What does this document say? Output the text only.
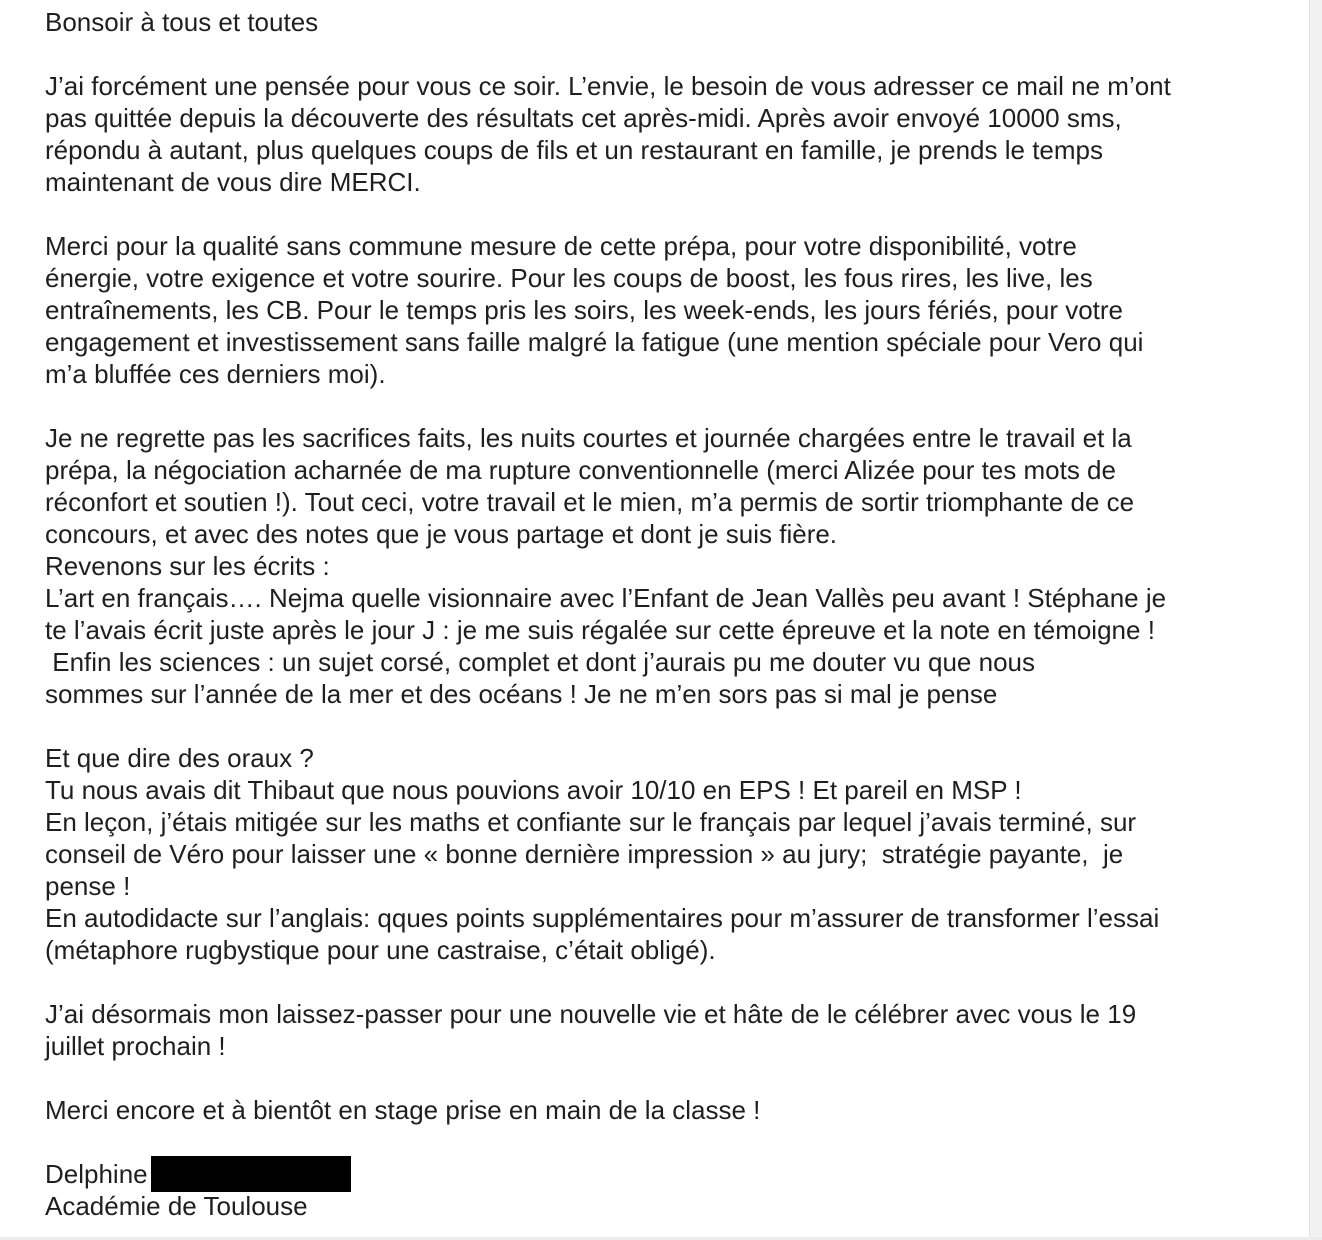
Bonsoir à tous et toutes
J’ai forcément une pensée pour vous ce soir. L’envie, le besoin de vous adresser ce mail ne m’ont
pas quittée depuis la découverte des résultats cet après-midi. Après avoir envoyé 10000 sms,
répondu à autant, plus quelques coups de fils et un restaurant en famille, je prends le temps
maintenant de vous dire MERCI.
Merci pour la qualité sans commune mesure de cette prépa, pour votre disponibilité, votre
énergie, votre exigence et votre sourire. Pour les coups de boost, les fous rires, les live, les
entraînements, les CB. Pour le temps pris les soirs, les week-ends, les jours fériés, pour votre
engagement et investissement sans faille malgré la fatigue (une mention spéciale pour Vero qui
m’a bluffée ces derniers moi).
Je ne regrette pas les sacrifices faits, les nuits courtes et journée chargées entre le travail et la
prépa, la négociation acharnée de ma rupture conventionnelle (merci Alizée pour tes mots de
réconfort et soutien !). Tout ceci, votre travail et le mien, m’a permis de sortir triomphante de ce
concours, et avec des notes que je vous partage et dont je suis fière.
Revenons sur les écrits :
L’art en français…. Nejma quelle visionnaire avec l’Enfant de Jean Vallès peu avant ! Stéphane je
te l’avais écrit juste après le jour J : je me suis régalée sur cette épreuve et la note en témoigne !
Enfin les sciences : un sujet corsé, complet et dont j’aurais pu me douter vu que nous
sommes sur l’année de la mer et des océans ! Je ne m’en sors pas si mal je pense
Et que dire des oraux ?
Tu nous avais dit Thibaut que nous pouvions avoir 10/10 en EPS ! Et pareil en MSP !
En leçon, j’étais mitigée sur les maths et confiante sur le français par lequel j’avais terminé, sur
conseil de Véro pour laisser une « bonne dernière impression » au jury;  stratégie payante,  je
pense !
En autodidacte sur l’anglais: qques points supplémentaires pour m’assurer de transformer l’essai
(métaphore rugbystique pour une castraise, c’était obligé).
J’ai désormais mon laissez-passer pour une nouvelle vie et hâte de le célébrer avec vous le 19
juillet prochain !
Merci encore et à bientôt en stage prise en main de la classe !
Delphine
Académie de Toulouse
